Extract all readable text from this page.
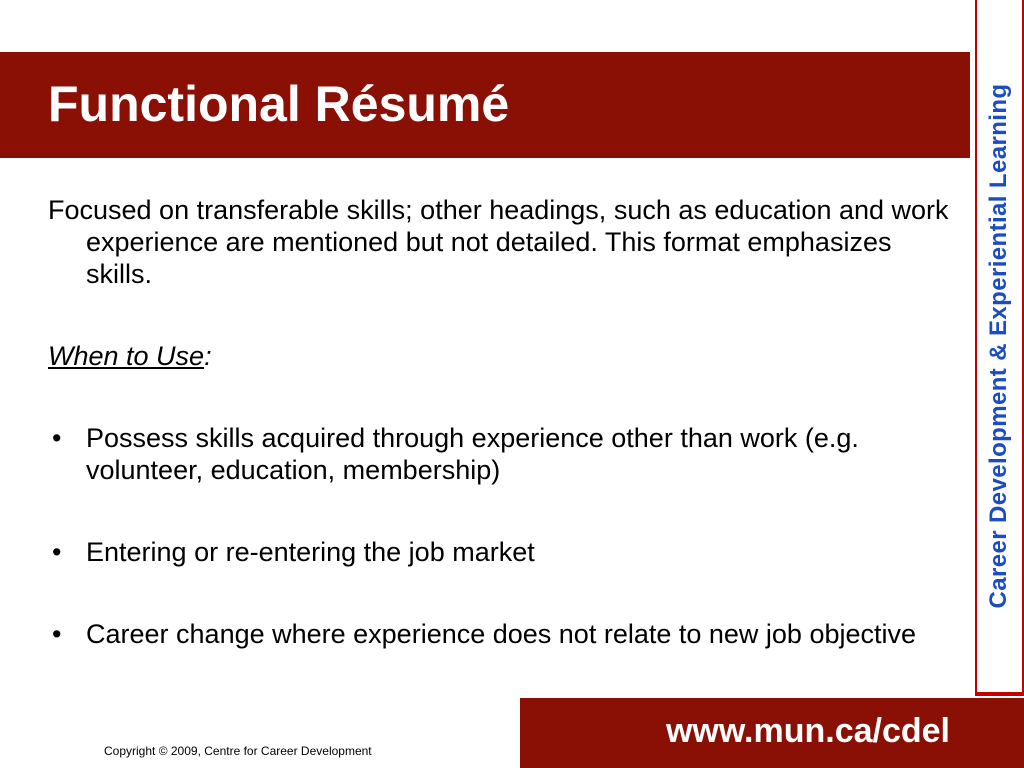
Functional Résumé	Career Development & Experiential Learning

Focused on transferable skills; other headings, such as education and work experience are mentioned but not detailed. This format emphasizes skills.

When to Use:

• Possess skills acquired through experience other than work (e.g. volunteer, education, membership)

• Entering or re-entering the job market

• Career change where experience does not relate to new job objective

www.mun.ca/cdel
Copyright © 2009, Centre for Career Development
